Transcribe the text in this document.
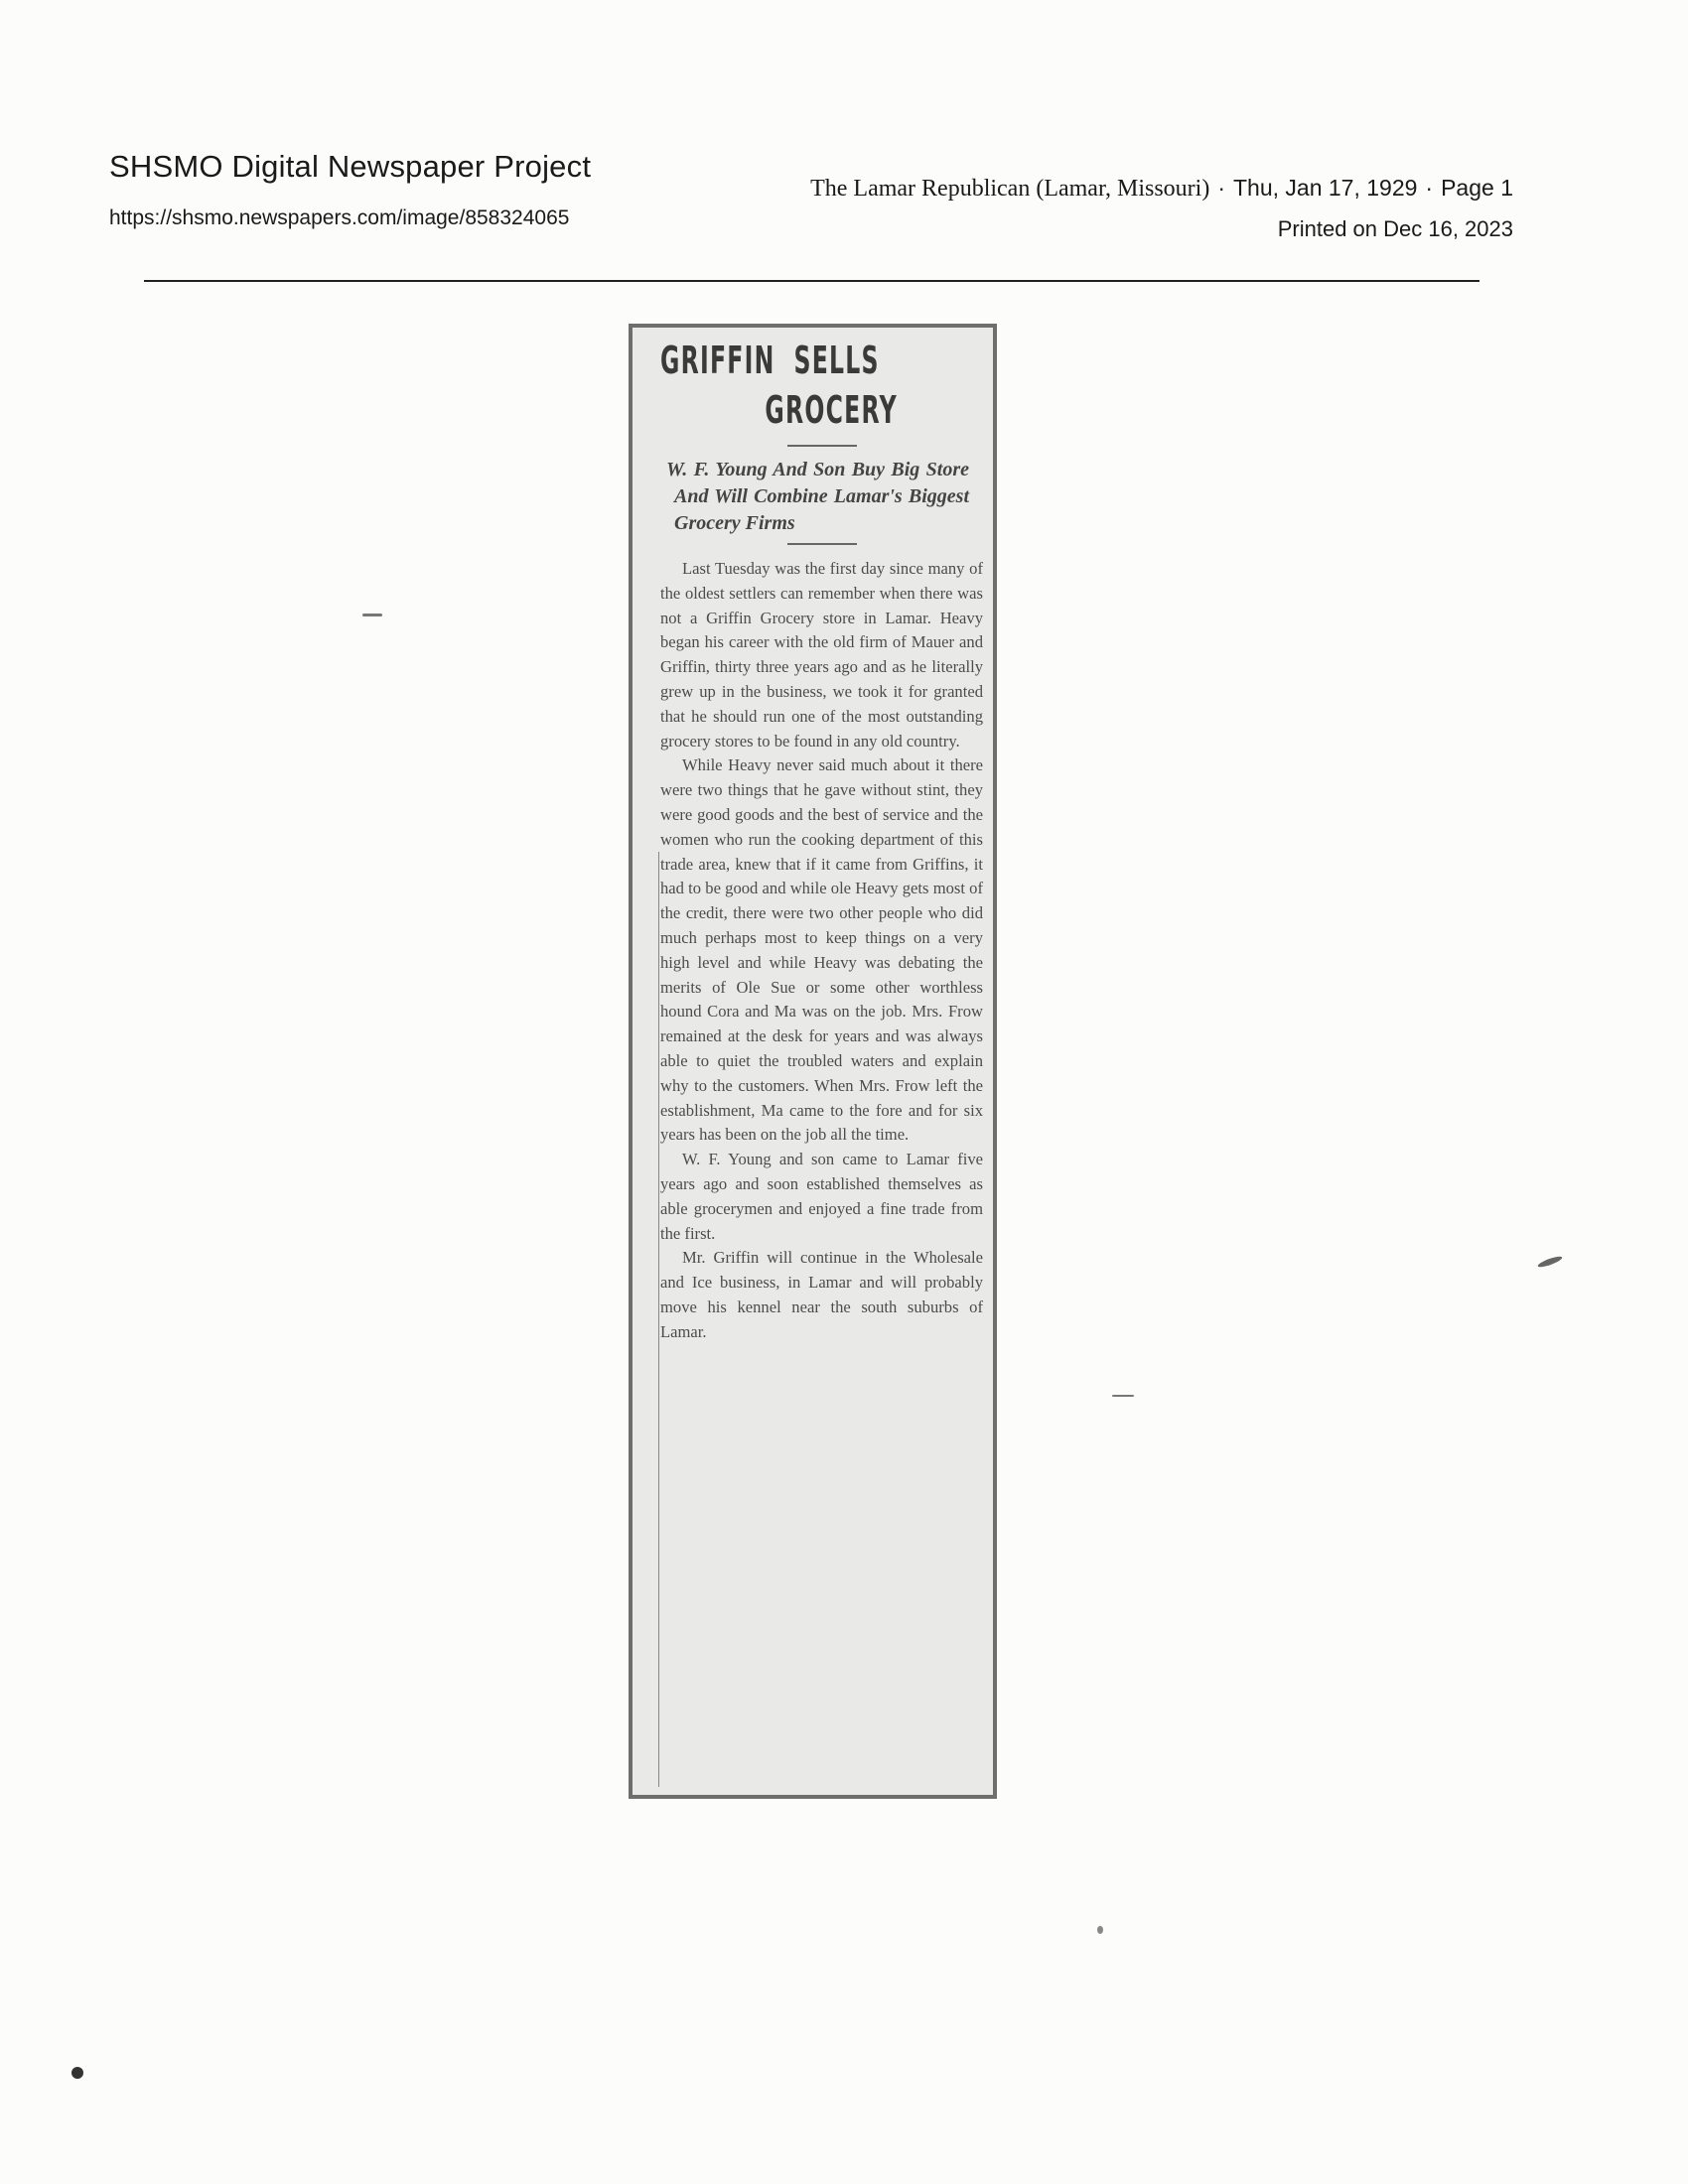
SHSMO Digital Newspaper Project
https://shsmo.newspapers.com/image/858324065
The Lamar Republican (Lamar, Missouri) · Thu, Jan 17, 1929 · Page 1
Printed on Dec 16, 2023
GRIFFIN  SELLS
GROCERY
W. F. Young And Son Buy Big Store And Will Combine Lamar's Biggest Grocery Firms

Last Tuesday was the first day since many of the oldest settlers can remember when there was not a Griffin Grocery store in Lamar. Heavy began his career with the old firm of Mauer and Griffin, thirty three years ago and as he literally grew up in the business, we took it for granted that he should run one of the most outstanding grocery stores to be found in any old country.

While Heavy never said much about it there were two things that he gave without stint, they were good goods and the best of service and the women who run the cooking department of this trade area, knew that if it came from Griffins, it had to be good and while ole Heavy gets most of the credit, there were two other people who did much perhaps most to keep things on a very high level and while Heavy was debating the merits of Ole Sue or some other worthless hound Cora and Ma was on the job. Mrs. Frow remained at the desk for years and was always able to quiet the troubled waters and explain why to the customers. When Mrs. Frow left the establishment, Ma came to the fore and for six years has been on the job all the time.

W. F. Young and son came to Lamar five years ago and soon established themselves as able grocerymen and enjoyed a fine trade from the first.

Mr. Griffin will continue in the Wholesale and Ice business, in Lamar and will probably move his kennel near the south suburbs of Lamar.
